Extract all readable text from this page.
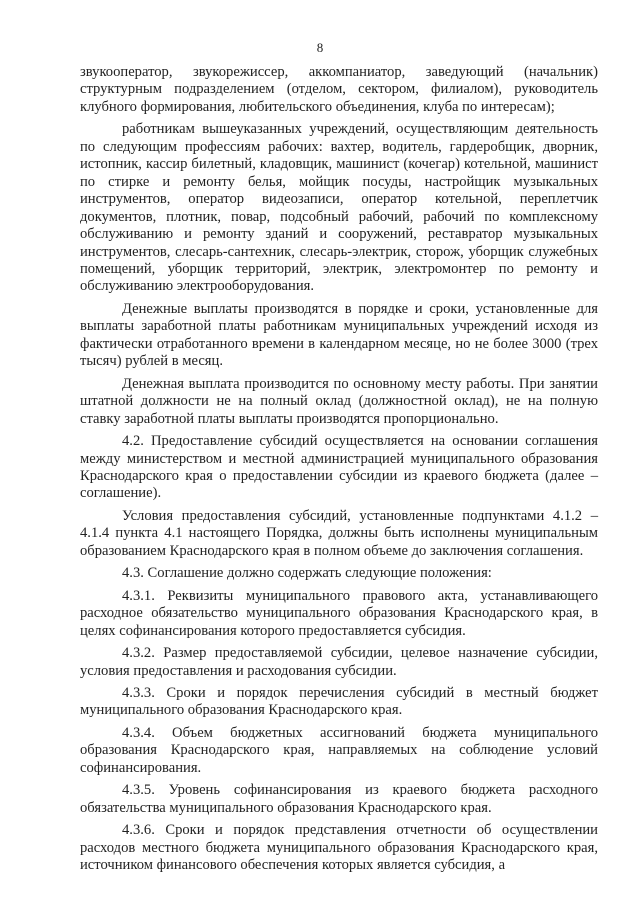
8

звукооператор, звукорежиссер, аккомпаниатор, заведующий (начальник) структурным подразделением (отделом, сектором, филиалом), руководитель клубного формирования, любительского объединения, клуба по интересам);

работникам вышеуказанных учреждений, осуществляющим деятельность по следующим профессиям рабочих: вахтер, водитель, гардеробщик, дворник, истопник, кассир билетный, кладовщик, машинист (кочегар) котельной, машинист по стирке и ремонту белья, мойщик посуды, настройщик музыкальных инструментов, оператор видеозаписи, оператор котельной, переплетчик документов, плотник, повар, подсобный рабочий, рабочий по комплексному обслуживанию и ремонту зданий и сооружений, реставратор музыкальных инструментов, слесарь-сантехник, слесарь-электрик, сторож, уборщик служебных помещений, уборщик территорий, электрик, электромонтер по ремонту и обслуживанию электрооборудования.

Денежные выплаты производятся в порядке и сроки, установленные для выплаты заработной платы работникам муниципальных учреждений исходя из фактически отработанного времени в календарном месяце, но не более 3000 (трех тысяч) рублей в месяц.

Денежная выплата производится по основному месту работы. При занятии штатной должности не на полный оклад (должностной оклад), не на полную ставку заработной платы выплаты производятся пропорционально.

4.2. Предоставление субсидий осуществляется на основании соглашения между министерством и местной администрацией муниципального образования Краснодарского края о предоставлении субсидии из краевого бюджета (далее – соглашение).

Условия предоставления субсидий, установленные подпунктами 4.1.2 – 4.1.4 пункта 4.1 настоящего Порядка, должны быть исполнены муниципальным образованием Краснодарского края в полном объеме до заключения соглашения.

4.3. Соглашение должно содержать следующие положения:

4.3.1. Реквизиты муниципального правового акта, устанавливающего расходное обязательство муниципального образования Краснодарского края, в целях софинансирования которого предоставляется субсидия.

4.3.2. Размер предоставляемой субсидии, целевое назначение субсидии, условия предоставления и расходования субсидии.

4.3.3. Сроки и порядок перечисления субсидий в местный бюджет муниципального образования Краснодарского края.

4.3.4. Объем бюджетных ассигнований бюджета муниципального образования Краснодарского края, направляемых на соблюдение условий софинансирования.

4.3.5. Уровень софинансирования из краевого бюджета расходного обязательства муниципального образования Краснодарского края.

4.3.6. Сроки и порядок представления отчетности об осуществлении расходов местного бюджета муниципального образования Краснодарского края, источником финансового обеспечения которых является субсидия, а
